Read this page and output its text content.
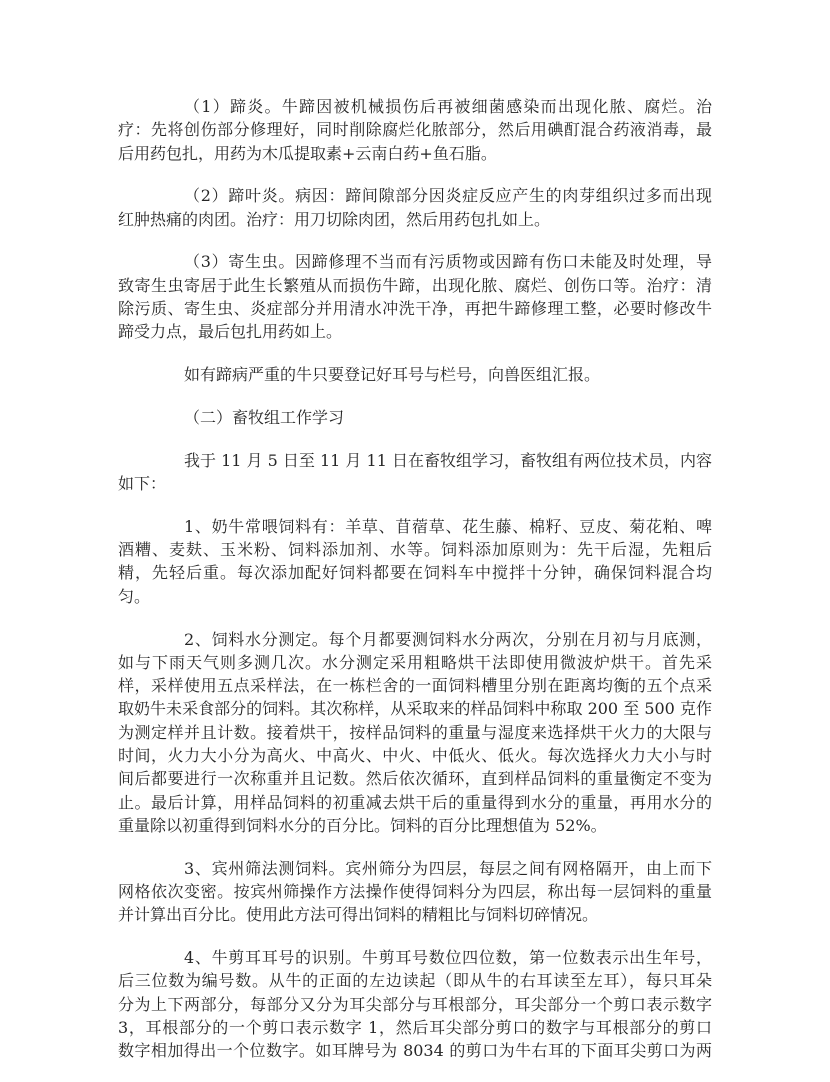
（1）蹄炎。牛蹄因被机械损伤后再被细菌感染而出现化脓、腐烂。治
疗：先将创伤部分修理好，同时削除腐烂化脓部分，然后用碘酊混合药液消毒，最
后用药包扎，用药为木瓜提取素+云南白药+鱼石脂。
（2）蹄叶炎。病因：蹄间隙部分因炎症反应产生的肉芽组织过多而出现
红肿热痛的肉团。治疗：用刀切除肉团，然后用药包扎如上。
（3）寄生虫。因蹄修理不当而有污质物或因蹄有伤口未能及时处理，导
致寄生虫寄居于此生长繁殖从而损伤牛蹄，出现化脓、腐烂、创伤口等。治疗：清
除污质、寄生虫、炎症部分并用清水冲洗干净，再把牛蹄修理工整，必要时修改牛
蹄受力点，最后包扎用药如上。
如有蹄病严重的牛只要登记好耳号与栏号，向兽医组汇报。
（二）畜牧组工作学习
我于 11 月 5 日至 11 月 11 日在畜牧组学习，畜牧组有两位技术员，内容
如下：
1、奶牛常喂饲料有：羊草、苜蓿草、花生藤、棉籽、豆皮、菊花粕、啤
酒糟、麦麸、玉米粉、饲料添加剂、水等。饲料添加原则为：先干后湿，先粗后
精，先轻后重。每次添加配好饲料都要在饲料车中搅拌十分钟，确保饲料混合均
匀。
2、饲料水分测定。每个月都要测饲料水分两次，分别在月初与月底测，
如与下雨天气则多测几次。水分测定采用粗略烘干法即使用微波炉烘干。首先采
样，采样使用五点采样法，在一栋栏舍的一面饲料槽里分别在距离均衡的五个点采
取奶牛未采食部分的饲料。其次称样，从采取来的样品饲料中称取 200 至 500 克作
为测定样并且计数。接着烘干，按样品饲料的重量与湿度来选择烘干火力的大限与
时间，火力大小分为高火、中高火、中火、中低火、低火。每次选择火力大小与时
间后都要进行一次称重并且记数。然后依次循环，直到样品饲料的重量衡定不变为
止。最后计算，用样品饲料的初重减去烘干后的重量得到水分的重量，再用水分的
重量除以初重得到饲料水分的百分比。饲料的百分比理想值为 52%。
3、宾州筛法测饲料。宾州筛分为四层，每层之间有网格隔开，由上而下
网格依次变密。按宾州筛操作方法操作使得饲料分为四层，称出每一层饲料的重量
并计算出百分比。使用此方法可得出饲料的精粗比与饲料切碎情况。
4、牛剪耳耳号的识别。牛剪耳号数位四位数，第一位数表示出生年号，
后三位数为编号数。从牛的正面的左边读起（即从牛的右耳读至左耳），每只耳朵
分为上下两部分，每部分又分为耳尖部分与耳根部分，耳尖部分一个剪口表示数字
3，耳根部分的一个剪口表示数字 1，然后耳尖部分剪口的数字与耳根部分的剪口
数字相加得出一个位数字。如耳牌号为 8034 的剪口为牛右耳的下面耳尖剪口为两
